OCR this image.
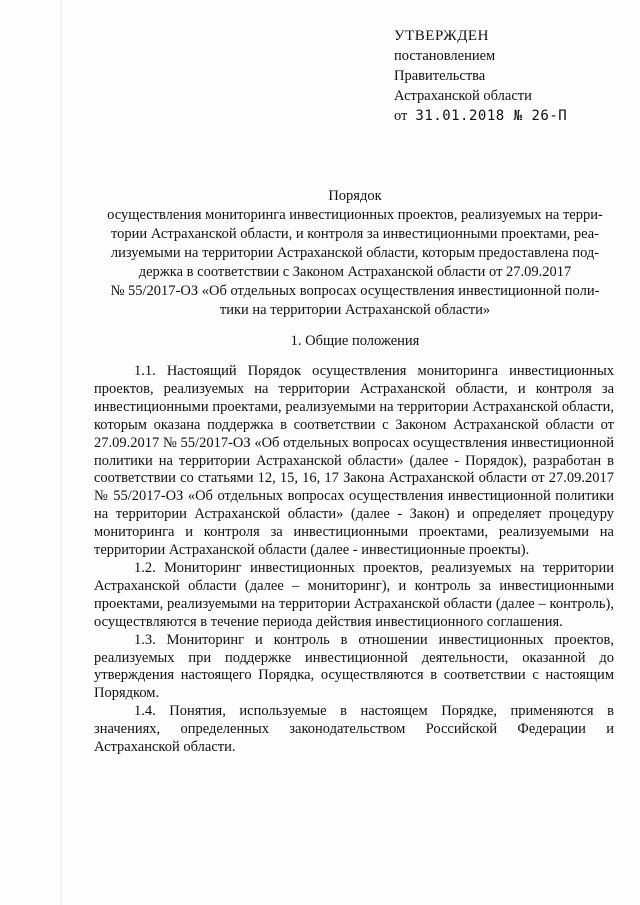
УТВЕРЖДЕН
постановлением
Правительства
Астраханской области
от 31.01.2018 № 26-П
Порядок
осуществления мониторинга инвестиционных проектов, реализуемых на терри-
тории Астраханской области, и контроля за инвестиционными проектами, реа-
лизуемыми на территории Астраханской области, которым предоставлена под-
держка в соответствии с Законом Астраханской области от 27.09.2017
№ 55/2017-ОЗ «Об отдельных вопросах осуществления инвестиционной поли-
тики на территории Астраханской области»
1. Общие положения

1.1. Настоящий Порядок осуществления мониторинга инвестиционных проектов, реализуемых на территории Астраханской области, и контроля за инвестиционными проектами, реализуемыми на территории Астраханской области, которым оказана поддержка в соответствии с Законом Астраханской области от 27.09.2017 № 55/2017-ОЗ «Об отдельных вопросах осуществления инвестиционной политики на территории Астраханской области» (далее - Порядок), разработан в соответствии со статьями 12, 15, 16, 17 Закона Астраханской области от 27.09.2017 № 55/2017-ОЗ «Об отдельных вопросах осуществления инвестиционной политики на территории Астраханской области» (далее - Закон) и определяет процедуру мониторинга и контроля за инвестиционными проектами, реализуемыми на территории Астраханской области (далее - инвестиционные проекты).

1.2. Мониторинг инвестиционных проектов, реализуемых на территории Астраханской области (далее – мониторинг), и контроль за инвестиционными проектами, реализуемыми на территории Астраханской области (далее – контроль), осуществляются в течение периода действия инвестиционного соглашения.

1.3. Мониторинг и контроль в отношении инвестиционных проектов, реализуемых при поддержке инвестиционной деятельности, оказанной до утверждения настоящего Порядка, осуществляются в соответствии с настоящим Порядком.

1.4. Понятия, используемые в настоящем Порядке, применяются в значениях, определенных законодательством Российской Федерации и Астраханской области.
